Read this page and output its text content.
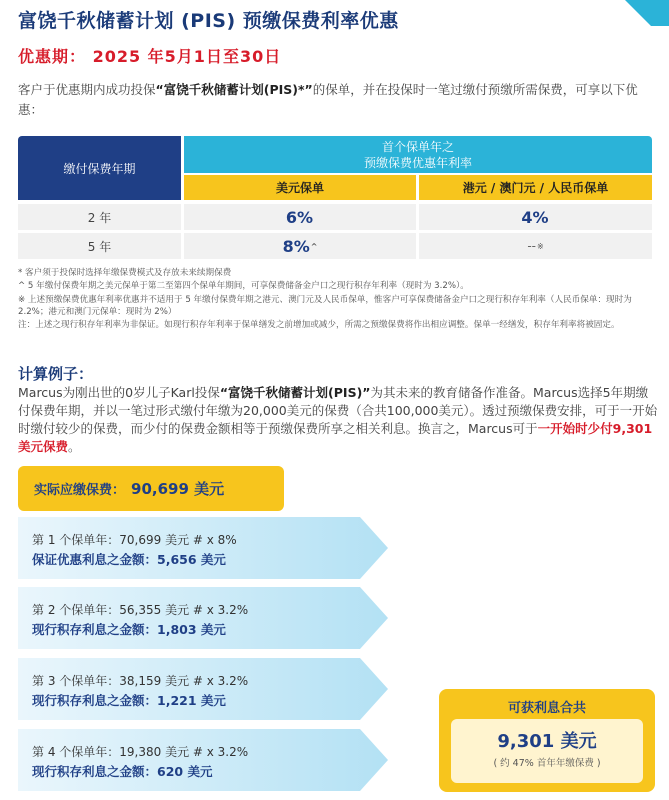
富饶千秋储蓄计划 (PIS) 预缴保费利率优惠
优惠期： 2025 年5月1日至30日
客户于优惠期内成功投保“富饶千秋储蓄计划(PIS)*”的保单，并在投保时一笔过缴付预缴所需保费，可享以下优惠：
缴付保费年期
首个保单年之
预缴保费优惠年利率
美元保单	港元 / 澳门元 / 人民币保单
2 年	6%	4%
5 年	8% ^	-- ※
* 客户须于投保时选择年缴保费模式及存放未来续期保费
^ 5 年缴付保费年期之美元保单于第二至第四个保单年期间，可享保费储备金户口之现行积存年利率（现时为 3.2%）。
※ 上述预缴保费优惠年利率优惠并不适用于 5 年缴付保费年期之港元、澳门元及人民币保单，惟客户可享保费储备金户口之现行积存年利率（人民币保单：现时为 2.2%；港元和澳门元保单：现时为 2%）
注：上述之现行积存年利率为非保证。如现行积存年利率于保单缮发之前增加或减少，所需之预缴保费将作出相应调整。保单一经缮发，积存年利率将被固定。
计算例子：
Marcus为刚出世的0岁儿子Karl投保“富饶千秋储蓄计划(PIS)”为其未来的教育储备作准备。Marcus选择5年期缴付保费年期，并以一笔过形式缴付年缴为20,000美元的保费（合共100,000美元）。透过预缴保费安排，可于一开始时缴付较少的保费，而少付的保费金额相等于预缴保费所享之相关利息。换言之，Marcus可于一开始时少付9,301美元保费。
实际应缴保费： 90,699 美元
第 1 个保单年：70,699 美元 # x 8%
保证优惠利息之金额：5,656 美元
第 2 个保单年：56,355 美元 # x 3.2%
现行积存利息之金额：1,803 美元
第 3 个保单年：38,159 美元 # x 3.2%
现行积存利息之金额：1,221 美元
第 4 个保单年：19,380 美元 # x 3.2%
现行积存利息之金额：620 美元
可获利息合共
9,301 美元
( 约 47% 首年年缴保费 )
